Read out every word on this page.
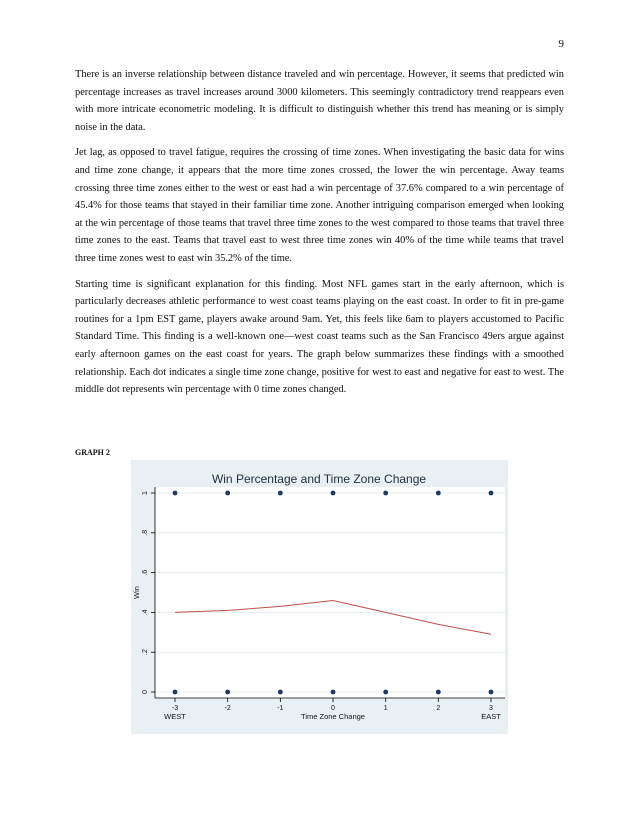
9

There is an inverse relationship between distance traveled and win percentage. However, it seems that predicted win percentage increases as travel increases around 3000 kilometers. This seemingly contradictory trend reappears even with more intricate econometric modeling. It is difficult to distinguish whether this trend has meaning or is simply noise in the data.

Jet lag, as opposed to travel fatigue, requires the crossing of time zones. When investigating the basic data for wins and time zone change, it appears that the more time zones crossed, the lower the win percentage. Away teams crossing three time zones either to the west or east had a win percentage of 37.6% compared to a win percentage of 45.4% for those teams that stayed in their familiar time zone. Another intriguing comparison emerged when looking at the win percentage of those teams that travel three time zones to the west compared to those teams that travel three time zones to the east. Teams that travel east to west three time zones win 40% of the time while teams that travel three time zones west to east win 35.2% of the time.

Starting time is significant explanation for this finding. Most NFL games start in the early afternoon, which is particularly decreases athletic performance to west coast teams playing on the east coast. In order to fit in pre-game routines for a 1pm EST game, players awake around 9am. Yet, this feels like 6am to players accustomed to Pacific Standard Time. This finding is a well-known one—west coast teams such as the San Francisco 49ers argue against early afternoon games on the east coast for years. The graph below summarizes these findings with a smoothed relationship. Each dot indicates a single time zone change, positive for west to east and negative for east to west. The middle dot represents win percentage with 0 time zones changed.

GRAPH 2
Win Percentage and Time Zone Change
0
.2
.4
.6
.8
1
-3	-2	-1	0	1	2	3
Win
Time Zone Change
WEST	EAST
